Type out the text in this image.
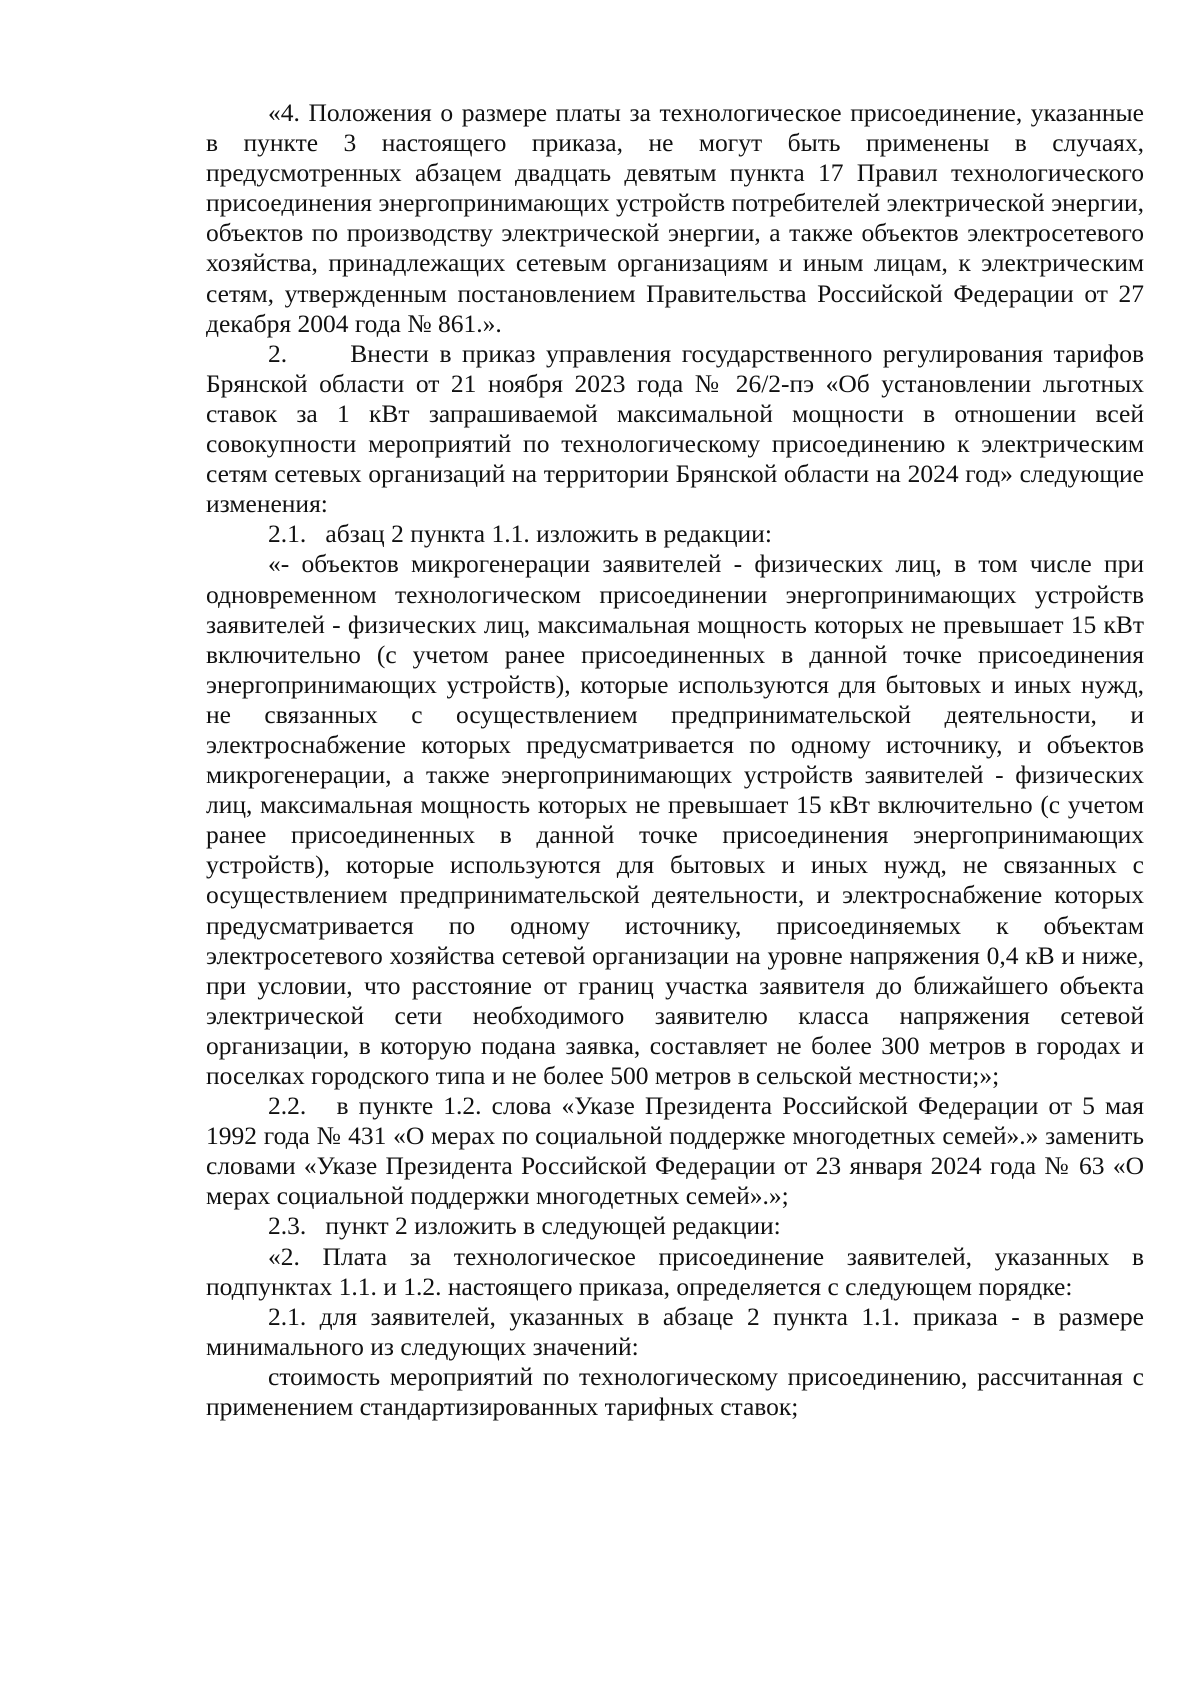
«4. Положения о размере платы за технологическое присоединение, указанные в пункте 3 настоящего приказа, не могут быть применены в случаях, предусмотренных абзацем двадцать девятым пункта 17 Правил технологического присоединения энергопринимающих устройств потребителей электрической энергии, объектов по производству электрической энергии, а также объектов электросетевого хозяйства, принадлежащих сетевым организациям и иным лицам, к электрическим сетям, утвержденным постановлением Правительства Российской Федерации от 27 декабря 2004 года № 861.».

2.      Внести в приказ управления государственного регулирования тарифов Брянской области от 21 ноября 2023 года № 26/2-пэ «Об установлении льготных ставок за 1 кВт запрашиваемой максимальной мощности в отношении всей совокупности мероприятий по технологическому присоединению к электрическим сетям сетевых организаций на территории Брянской области на 2024 год» следующие изменения:

2.1.   абзац 2 пункта 1.1. изложить в редакции:

«- объектов микрогенерации заявителей - физических лиц, в том числе при одновременном технологическом присоединении энергопринимающих устройств заявителей - физических лиц, максимальная мощность которых не превышает 15 кВт включительно (с учетом ранее присоединенных в данной точке присоединения энергопринимающих устройств), которые используются для бытовых и иных нужд, не связанных с осуществлением предпринимательской деятельности, и электроснабжение которых предусматривается по одному источнику, и объектов микрогенерации, а также энергопринимающих устройств заявителей - физических лиц, максимальная мощность которых не превышает 15 кВт включительно (с учетом ранее присоединенных в данной точке присоединения энергопринимающих устройств), которые используются для бытовых и иных нужд, не связанных с осуществлением предпринимательской деятельности, и электроснабжение которых предусматривается по одному источнику, присоединяемых к объектам электросетевого хозяйства сетевой организации на уровне напряжения 0,4 кВ и ниже, при условии, что расстояние от границ участка заявителя до ближайшего объекта электрической сети необходимого заявителю класса напряжения сетевой организации, в которую подана заявка, составляет не более 300 метров в городах и поселках городского типа и не более 500 метров в сельской местности;»;

2.2.   в пункте 1.2. слова «Указе Президента Российской Федерации от 5 мая 1992 года № 431 «О мерах по социальной поддержке многодетных семей».» заменить словами «Указе Президента Российской Федерации от 23 января 2024 года № 63 «О мерах социальной поддержки многодетных семей».»;

2.3.   пункт 2 изложить в следующей редакции:

«2. Плата за технологическое присоединение заявителей, указанных в подпунктах 1.1. и 1.2. настоящего приказа, определяется с следующем порядке:

2.1. для заявителей, указанных в абзаце 2 пункта 1.1. приказа - в размере минимального из следующих значений:

стоимость мероприятий по технологическому присоединению, рассчитанная с применением стандартизированных тарифных ставок;
